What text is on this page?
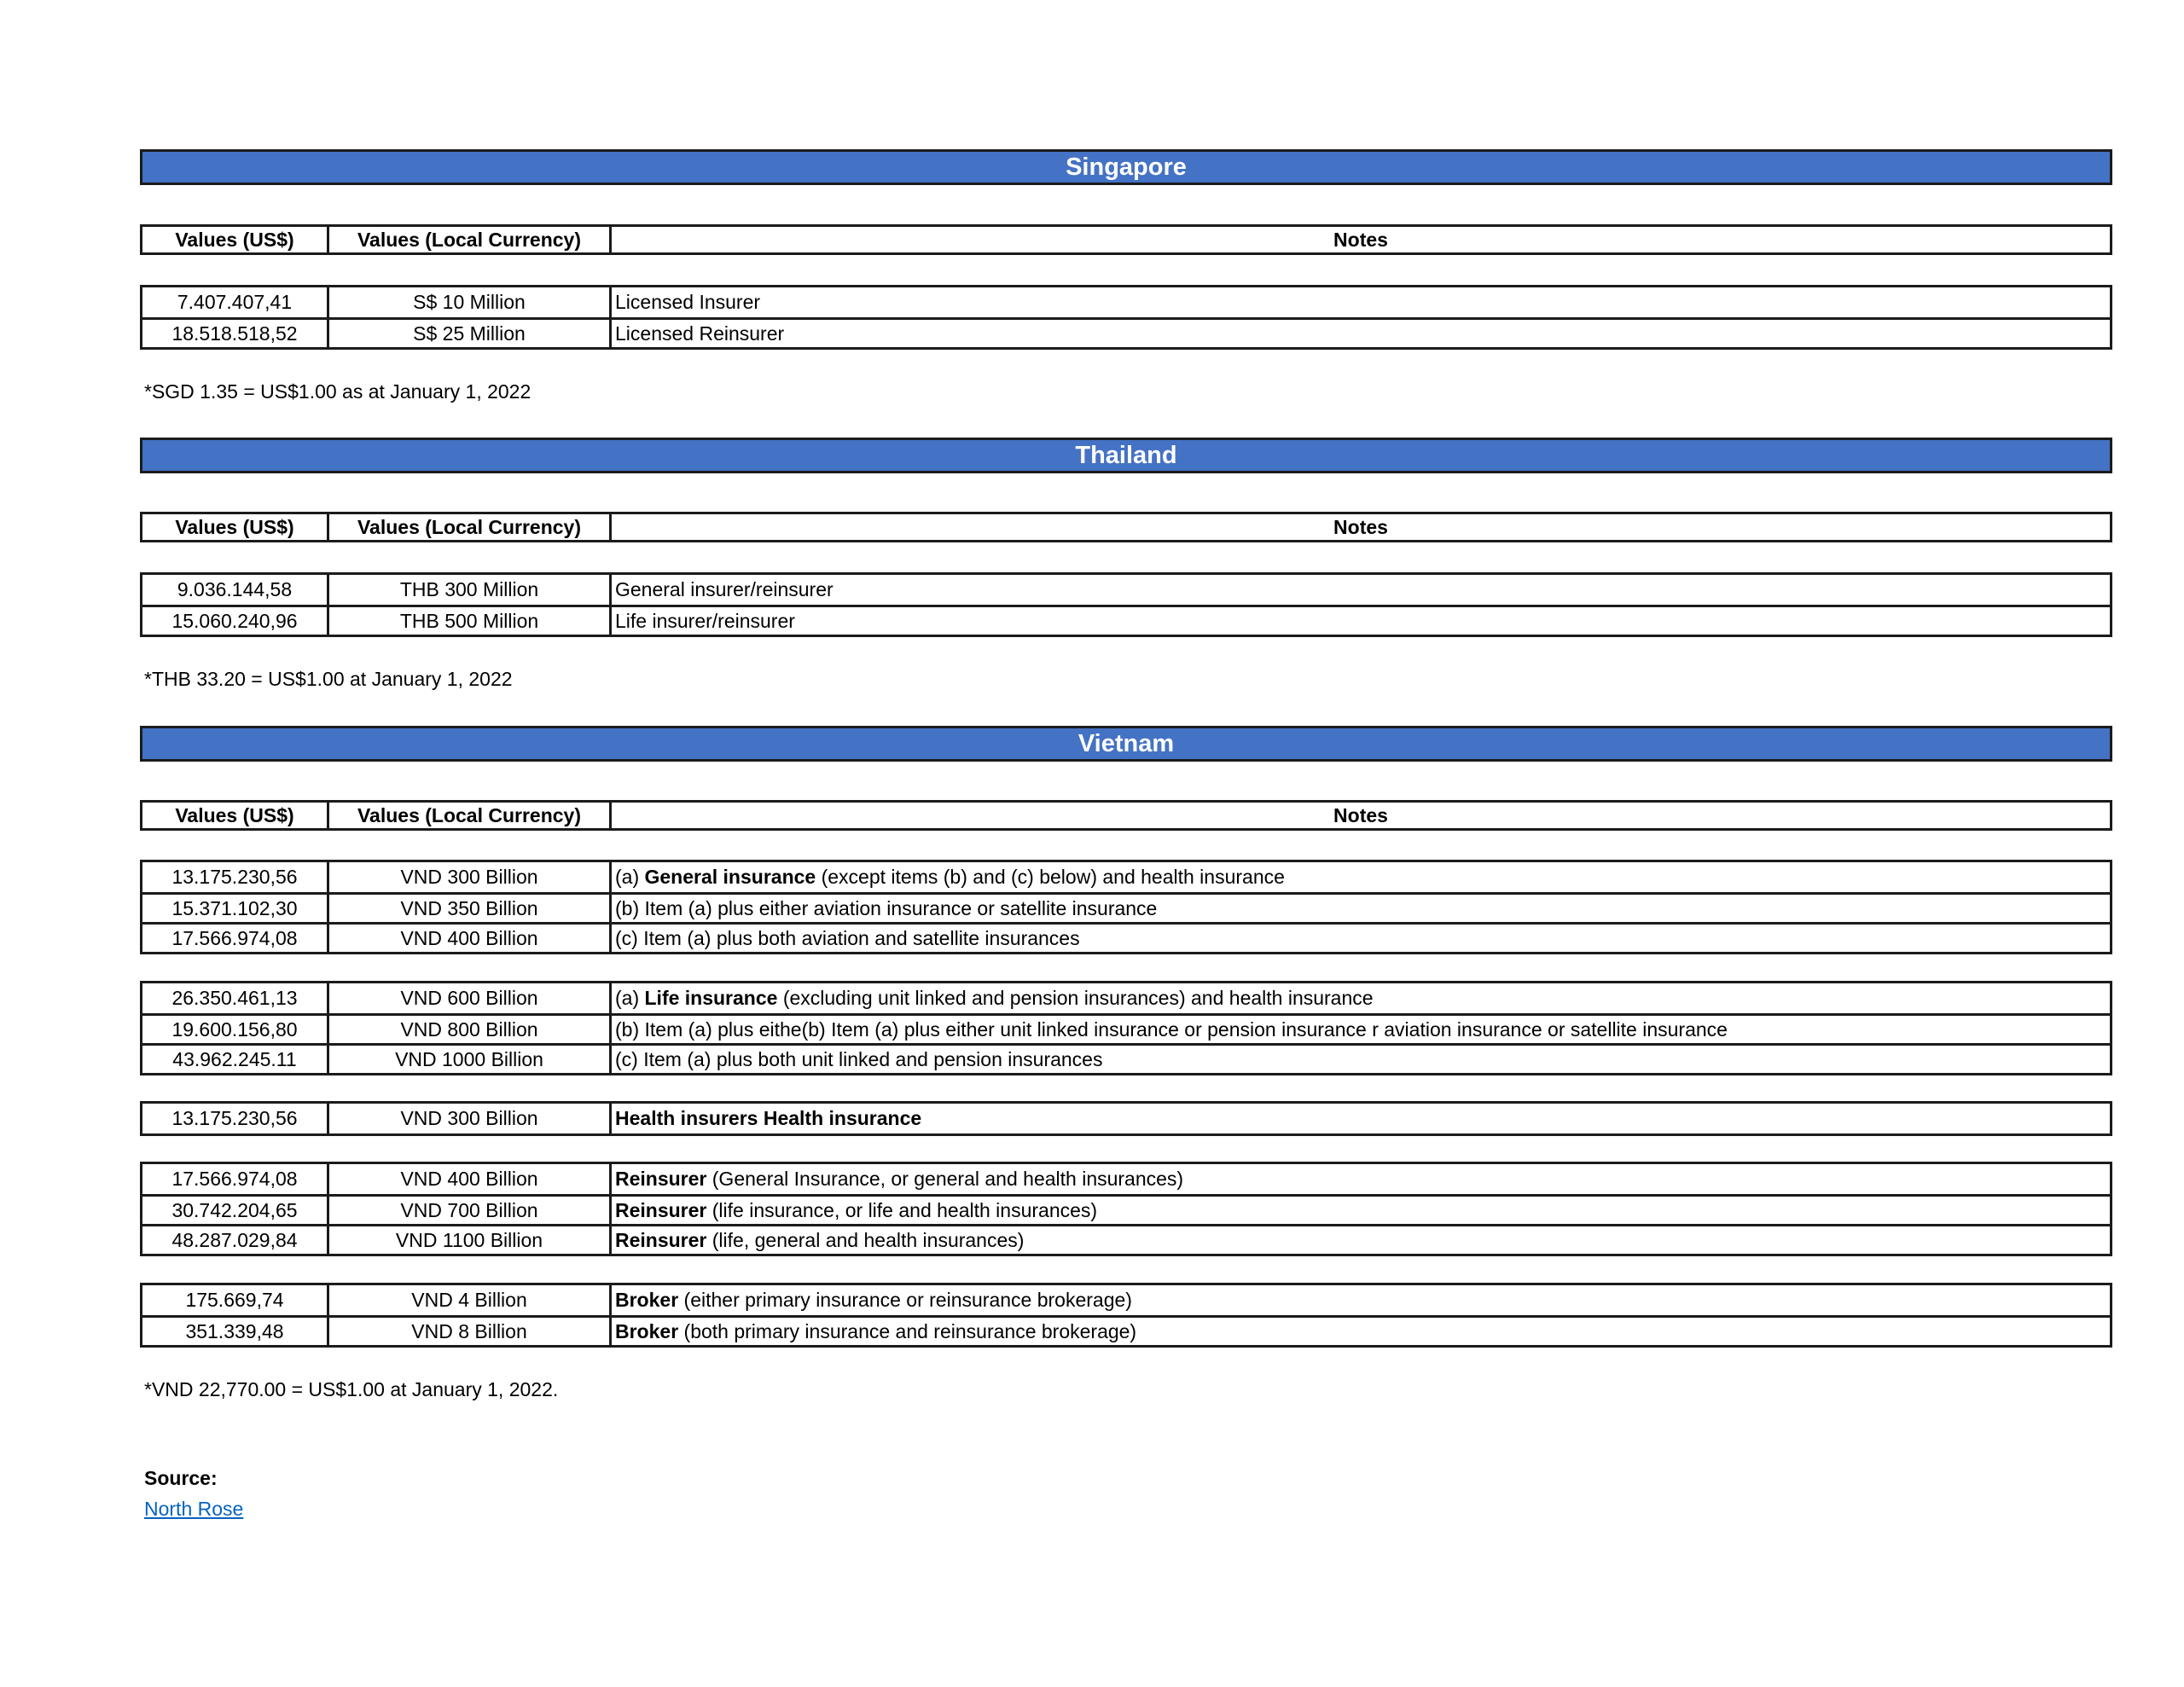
Singapore
Values (US$)	Values (Local Currency)	Notes
7.407.407,41	S$ 10 Million	Licensed Insurer
18.518.518,52	S$ 25 Million	Licensed Reinsurer
*SGD 1.35 = US$1.00 as at January 1, 2022
Thailand
Values (US$)	Values (Local Currency)	Notes
9.036.144,58	THB 300 Million	General insurer/reinsurer
15.060.240,96	THB 500 Million	Life insurer/reinsurer
*THB 33.20 = US$1.00 at January 1, 2022
Vietnam
Values (US$)	Values (Local Currency)	Notes
13.175.230,56	VND 300 Billion	(a) General insurance (except items (b) and (c) below) and health insurance
15.371.102,30	VND 350 Billion	(b) Item (a) plus either aviation insurance or satellite insurance
17.566.974,08	VND 400 Billion	(c) Item (a) plus both aviation and satellite insurances
26.350.461,13	VND 600 Billion	(a) Life insurance (excluding unit linked and pension insurances) and health insurance
19.600.156,80	VND 800 Billion	(b) Item (a) plus eithe(b) Item (a) plus either unit linked insurance or pension insurance r aviation insurance or satellite insurance
43.962.245.11	VND 1000 Billion	(c) Item (a) plus both unit linked and pension insurances
13.175.230,56	VND 300 Billion	Health insurers Health insurance
17.566.974,08	VND 400 Billion	Reinsurer (General Insurance, or general and health insurances)
30.742.204,65	VND 700 Billion	Reinsurer (life insurance, or life and health insurances)
48.287.029,84	VND 1100 Billion	Reinsurer (life, general and health insurances)
175.669,74	VND 4 Billion	Broker (either primary insurance or reinsurance brokerage)
351.339,48	VND 8 Billion	Broker (both primary insurance and reinsurance brokerage)
*VND 22,770.00 = US$1.00 at January 1, 2022.
Source:
North Rose
